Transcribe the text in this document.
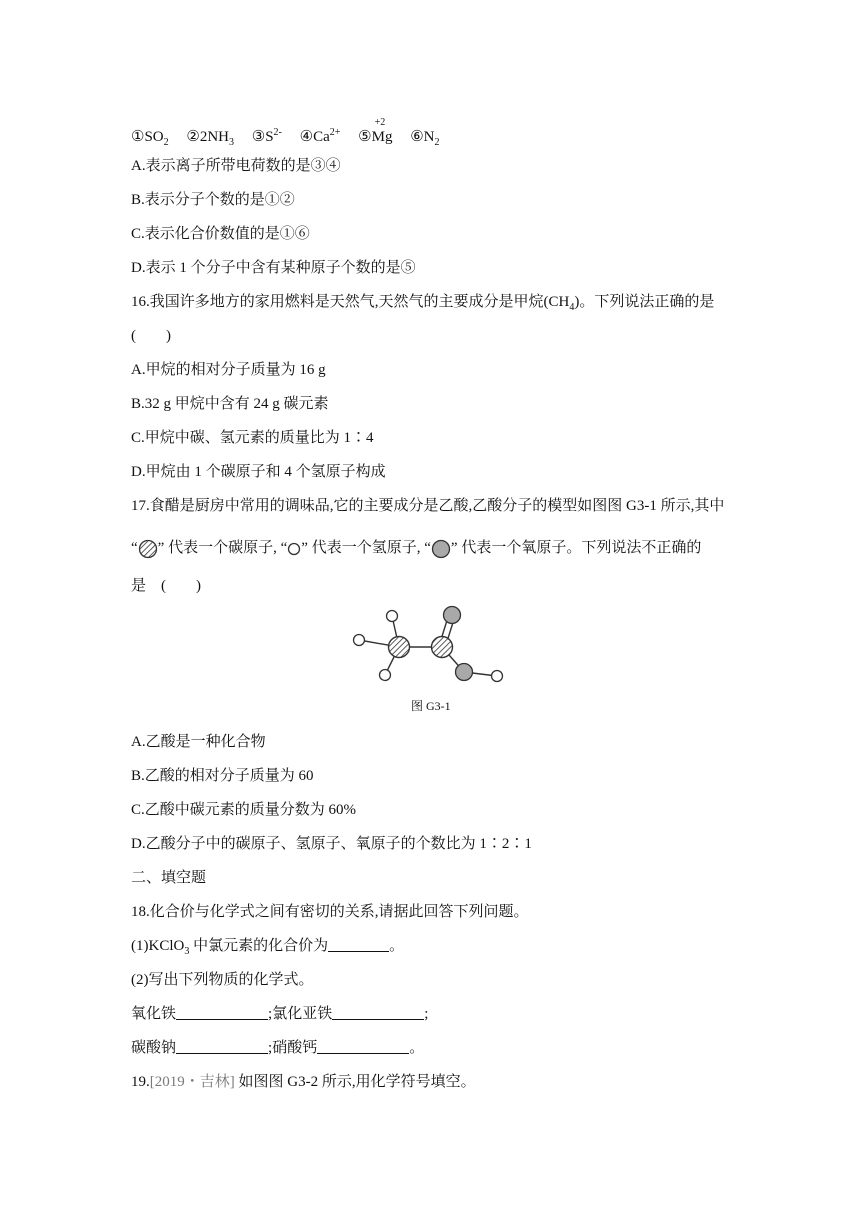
$①SO_2$ $②2NH_3$ $③S^{2-}$ $④Ca^{2+}$ ⑤
+2
Mg $⑥N_2$
A.表示离子所带电荷数的是③④
B.表示分子个数的是①②
C.表示化合价数值的是①⑥
D.表示 1 个分子中含有某种原子个数的是⑤
16.我国许多地方的家用燃料是天然气,天然气的主要成分是甲烷$(CH_4)$。下列说法正确的是
(　　)
A.甲烷的相对分子质量为 16 g
B.32 g 甲烷中含有 24 g 碳元素
C.甲烷中碳、氢元素的质量比为 1∶4
D.甲烷由 1 个碳原子和 4 个氢原子构成
17.食醋是厨房中常用的调味品,它的主要成分是乙酸,乙酸分子的模型如图图 G3-1 所示,其中
“ ” 代表一个碳原子, “ ” 代表一个氢原子, “ ” 代表一个氧原子。下列说法不正确的
是　(　　)
图 G3-1
A.乙酸是一种化合物
B.乙酸的相对分子质量为 60
C.乙酸中碳元素的质量分数为 60%
D.乙酸分子中的碳原子、氢原子、氧原子的个数比为 1∶2∶1
二、填空题
18.化合价与化学式之间有密切的关系,请据此回答下列问题。
(1)KClO$_3$ 中氯元素的化合价为	。
(2)写出下列物质的化学式。
氧化铁	;氯化亚铁	;
碳酸钠	;硝酸钙	。
19.[2019・吉林] 如图图 G3-2 所示,用化学符号填空。
